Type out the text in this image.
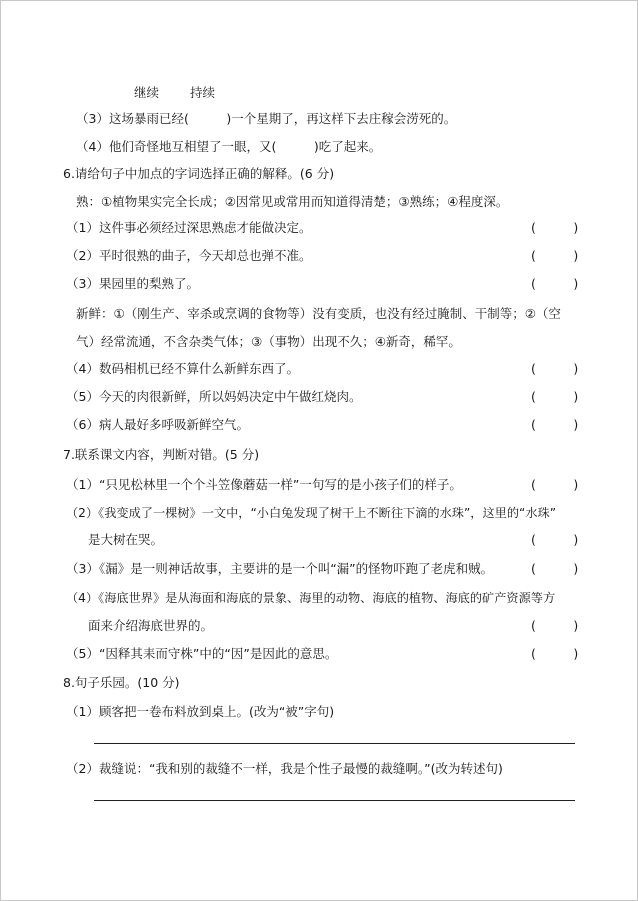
继续 持续
（3）这场暴雨已经(　　　)一个星期了，再这样下去庄稼会涝死的。
（4）他们奇怪地互相望了一眼，又(　　　)吃了起来。
6.请给句子中加点的字词选择正确的解释。(6 分)
熟：①植物果实完全长成；②因常见或常用而知道得清楚；③熟练；④程度深。
（1）这件事必须经过深思熟虑才能做决定。	(　　　)
（2）平时很熟的曲子，今天却总也弹不准。	(　　　)
（3）果园里的梨熟了。	(　　　)
新鲜：①（刚生产、宰杀或烹调的食物等）没有变质，也没有经过腌制、干制等；②（空
气）经常流通，不含杂类气体；③（事物）出现不久；④新奇，稀罕。
（4）数码相机已经不算什么新鲜东西了。	(　　　)
（5）今天的肉很新鲜，所以妈妈决定中午做红烧肉。	(　　　)
（6）病人最好多呼吸新鲜空气。	(　　　)
7.联系课文内容，判断对错。(5 分)
（1）“只见松林里一个个斗笠像蘑菇一样”一句写的是小孩子们的样子。	(　　　)
（2）《我变成了一棵树》一文中，“小白兔发现了树干上不断往下滴的水珠”，这里的“水珠”
是大树在哭。	(　　　)
（3）《漏》是一则神话故事，主要讲的是一个叫“漏”的怪物吓跑了老虎和贼。	(　　　)
（4）《海底世界》是从海面和海底的景象、海里的动物、海底的植物、海底的矿产资源等方
面来介绍海底世界的。	(　　　)
（5）“因释其耒而守株”中的“因”是因此的意思。	(　　　)
8.句子乐园。(10 分)
（1）顾客把一卷布料放到桌上。(改为“被”字句)
（2）裁缝说：“我和别的裁缝不一样，我是个性子最慢的裁缝啊。”(改为转述句)
